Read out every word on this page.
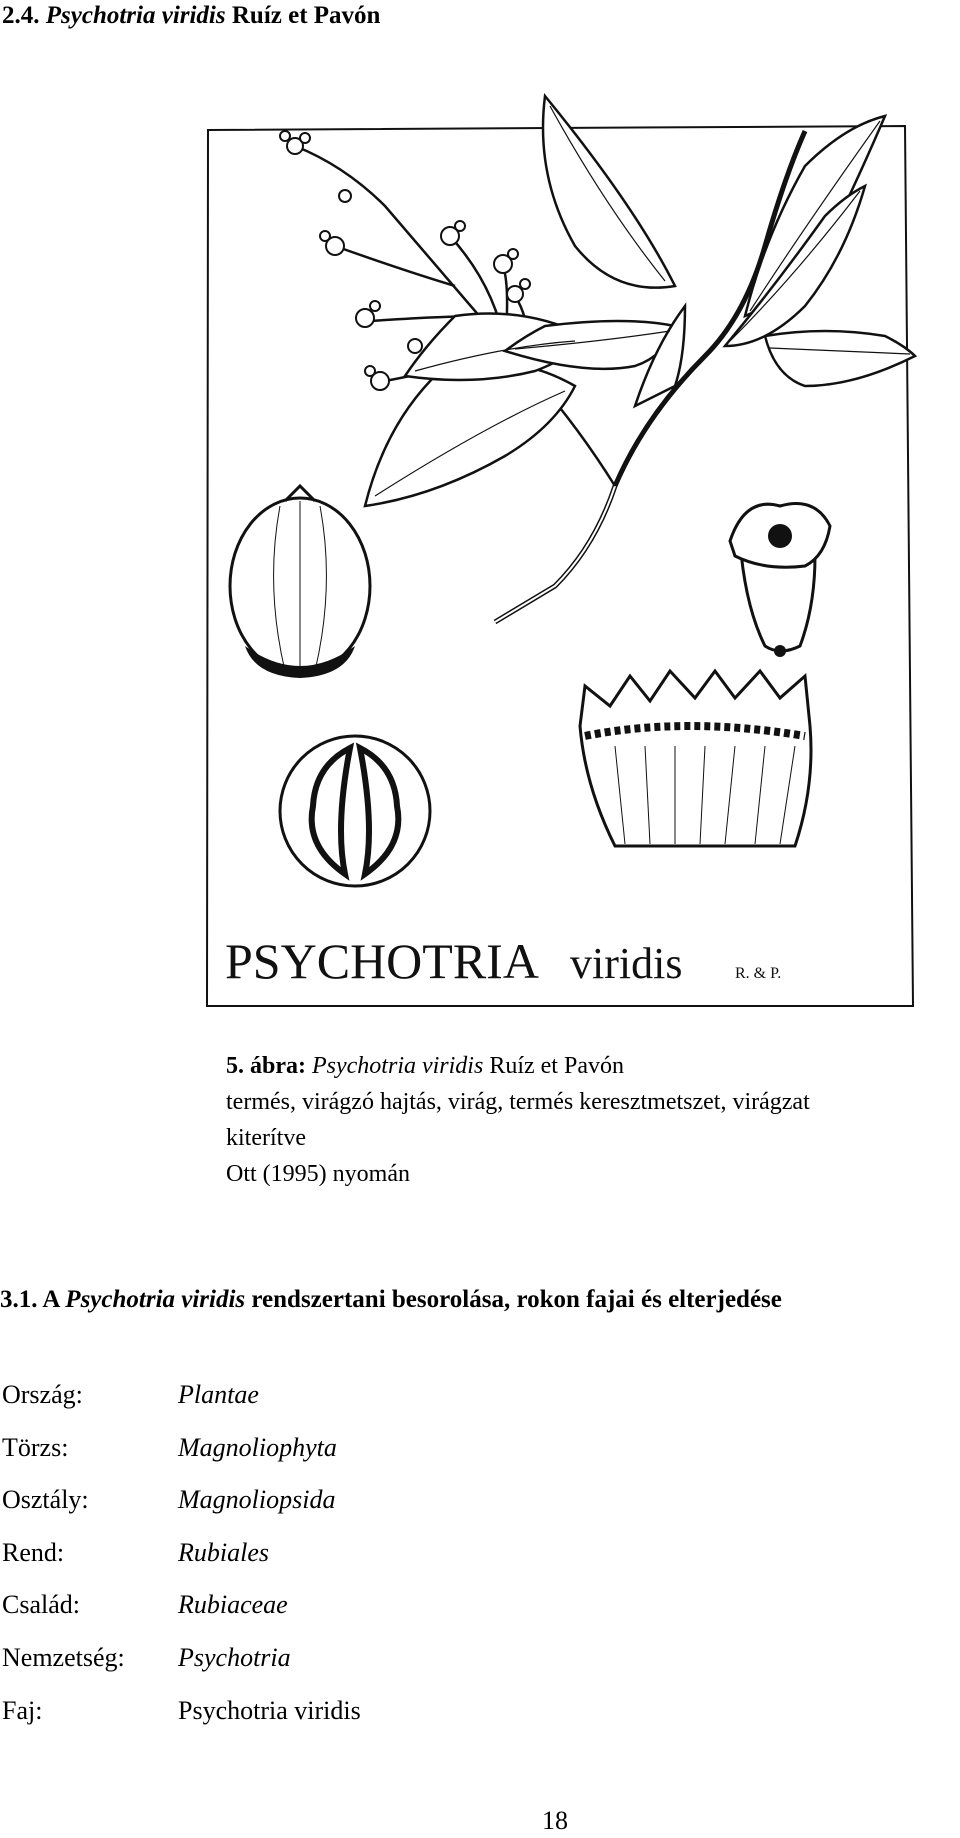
2.4. Psychotria viridis Ruíz et Pavón
PSYCHOTRIA viridis	R. & P.
5. ábra: Psychotria viridis Ruíz et Pavón
termés, virágzó hajtás, virág, termés keresztmetszet, virágzat
kiterítve
Ott (1995) nyomán
3.1. A Psychotria viridis rendszertani besorolása, rokon fajai és elterjedése
Ország:	Plantae
Törzs:	Magnoliophyta
Osztály:	Magnoliopsida
Rend:	Rubiales
Család:	Rubiaceae
Nemzetség: Psychotria
Faj:	Psychotria viridis
18
